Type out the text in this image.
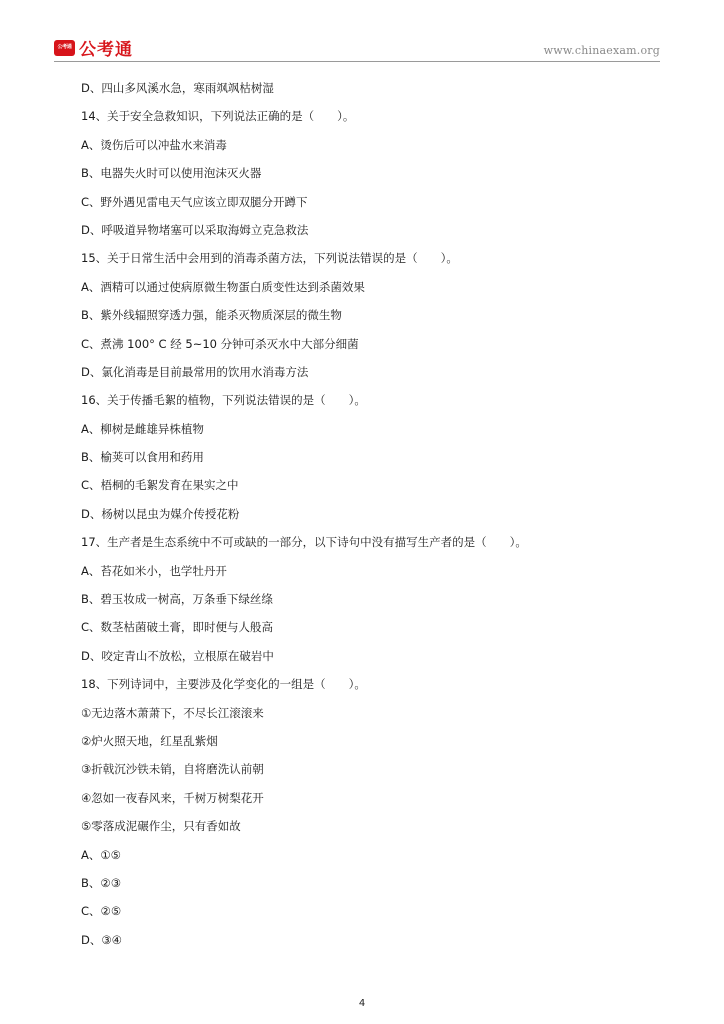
公考通 公考通	www.chinaexam.org
D、四山多风溪水急，寒雨飒飒枯树湿
14、关于安全急救知识，下列说法正确的是（　　）。
A、烫伤后可以冲盐水来消毒
B、电器失火时可以使用泡沫灭火器
C、野外遇见雷电天气应该立即双腿分开蹲下
D、呼吸道异物堵塞可以采取海姆立克急救法
15、关于日常生活中会用到的消毒杀菌方法，下列说法错误的是（　　）。
A、酒精可以通过使病原微生物蛋白质变性达到杀菌效果
B、紫外线辐照穿透力强，能杀灭物质深层的微生物
C、煮沸 100° C 经 5~10 分钟可杀灭水中大部分细菌
D、氯化消毒是目前最常用的饮用水消毒方法
16、关于传播毛絮的植物，下列说法错误的是（　　）。
A、柳树是雌雄异株植物
B、榆荚可以食用和药用
C、梧桐的毛絮发育在果实之中
D、杨树以昆虫为媒介传授花粉
17、生产者是生态系统中不可或缺的一部分，以下诗句中没有描写生产者的是（　　）。
A、苔花如米小，也学牡丹开
B、碧玉妆成一树高，万条垂下绿丝绦
C、数茎枯菌破土膏，即时便与人般高
D、咬定青山不放松，立根原在破岩中
18、下列诗词中，主要涉及化学变化的一组是（　　）。
①无边落木萧萧下，不尽长江滚滚来
②炉火照天地，红星乱紫烟
③折戟沉沙铁未销，自将磨洗认前朝
④忽如一夜春风来，千树万树梨花开
⑤零落成泥碾作尘，只有香如故
A、①⑤
B、②③
C、②⑤
D、③④
4
